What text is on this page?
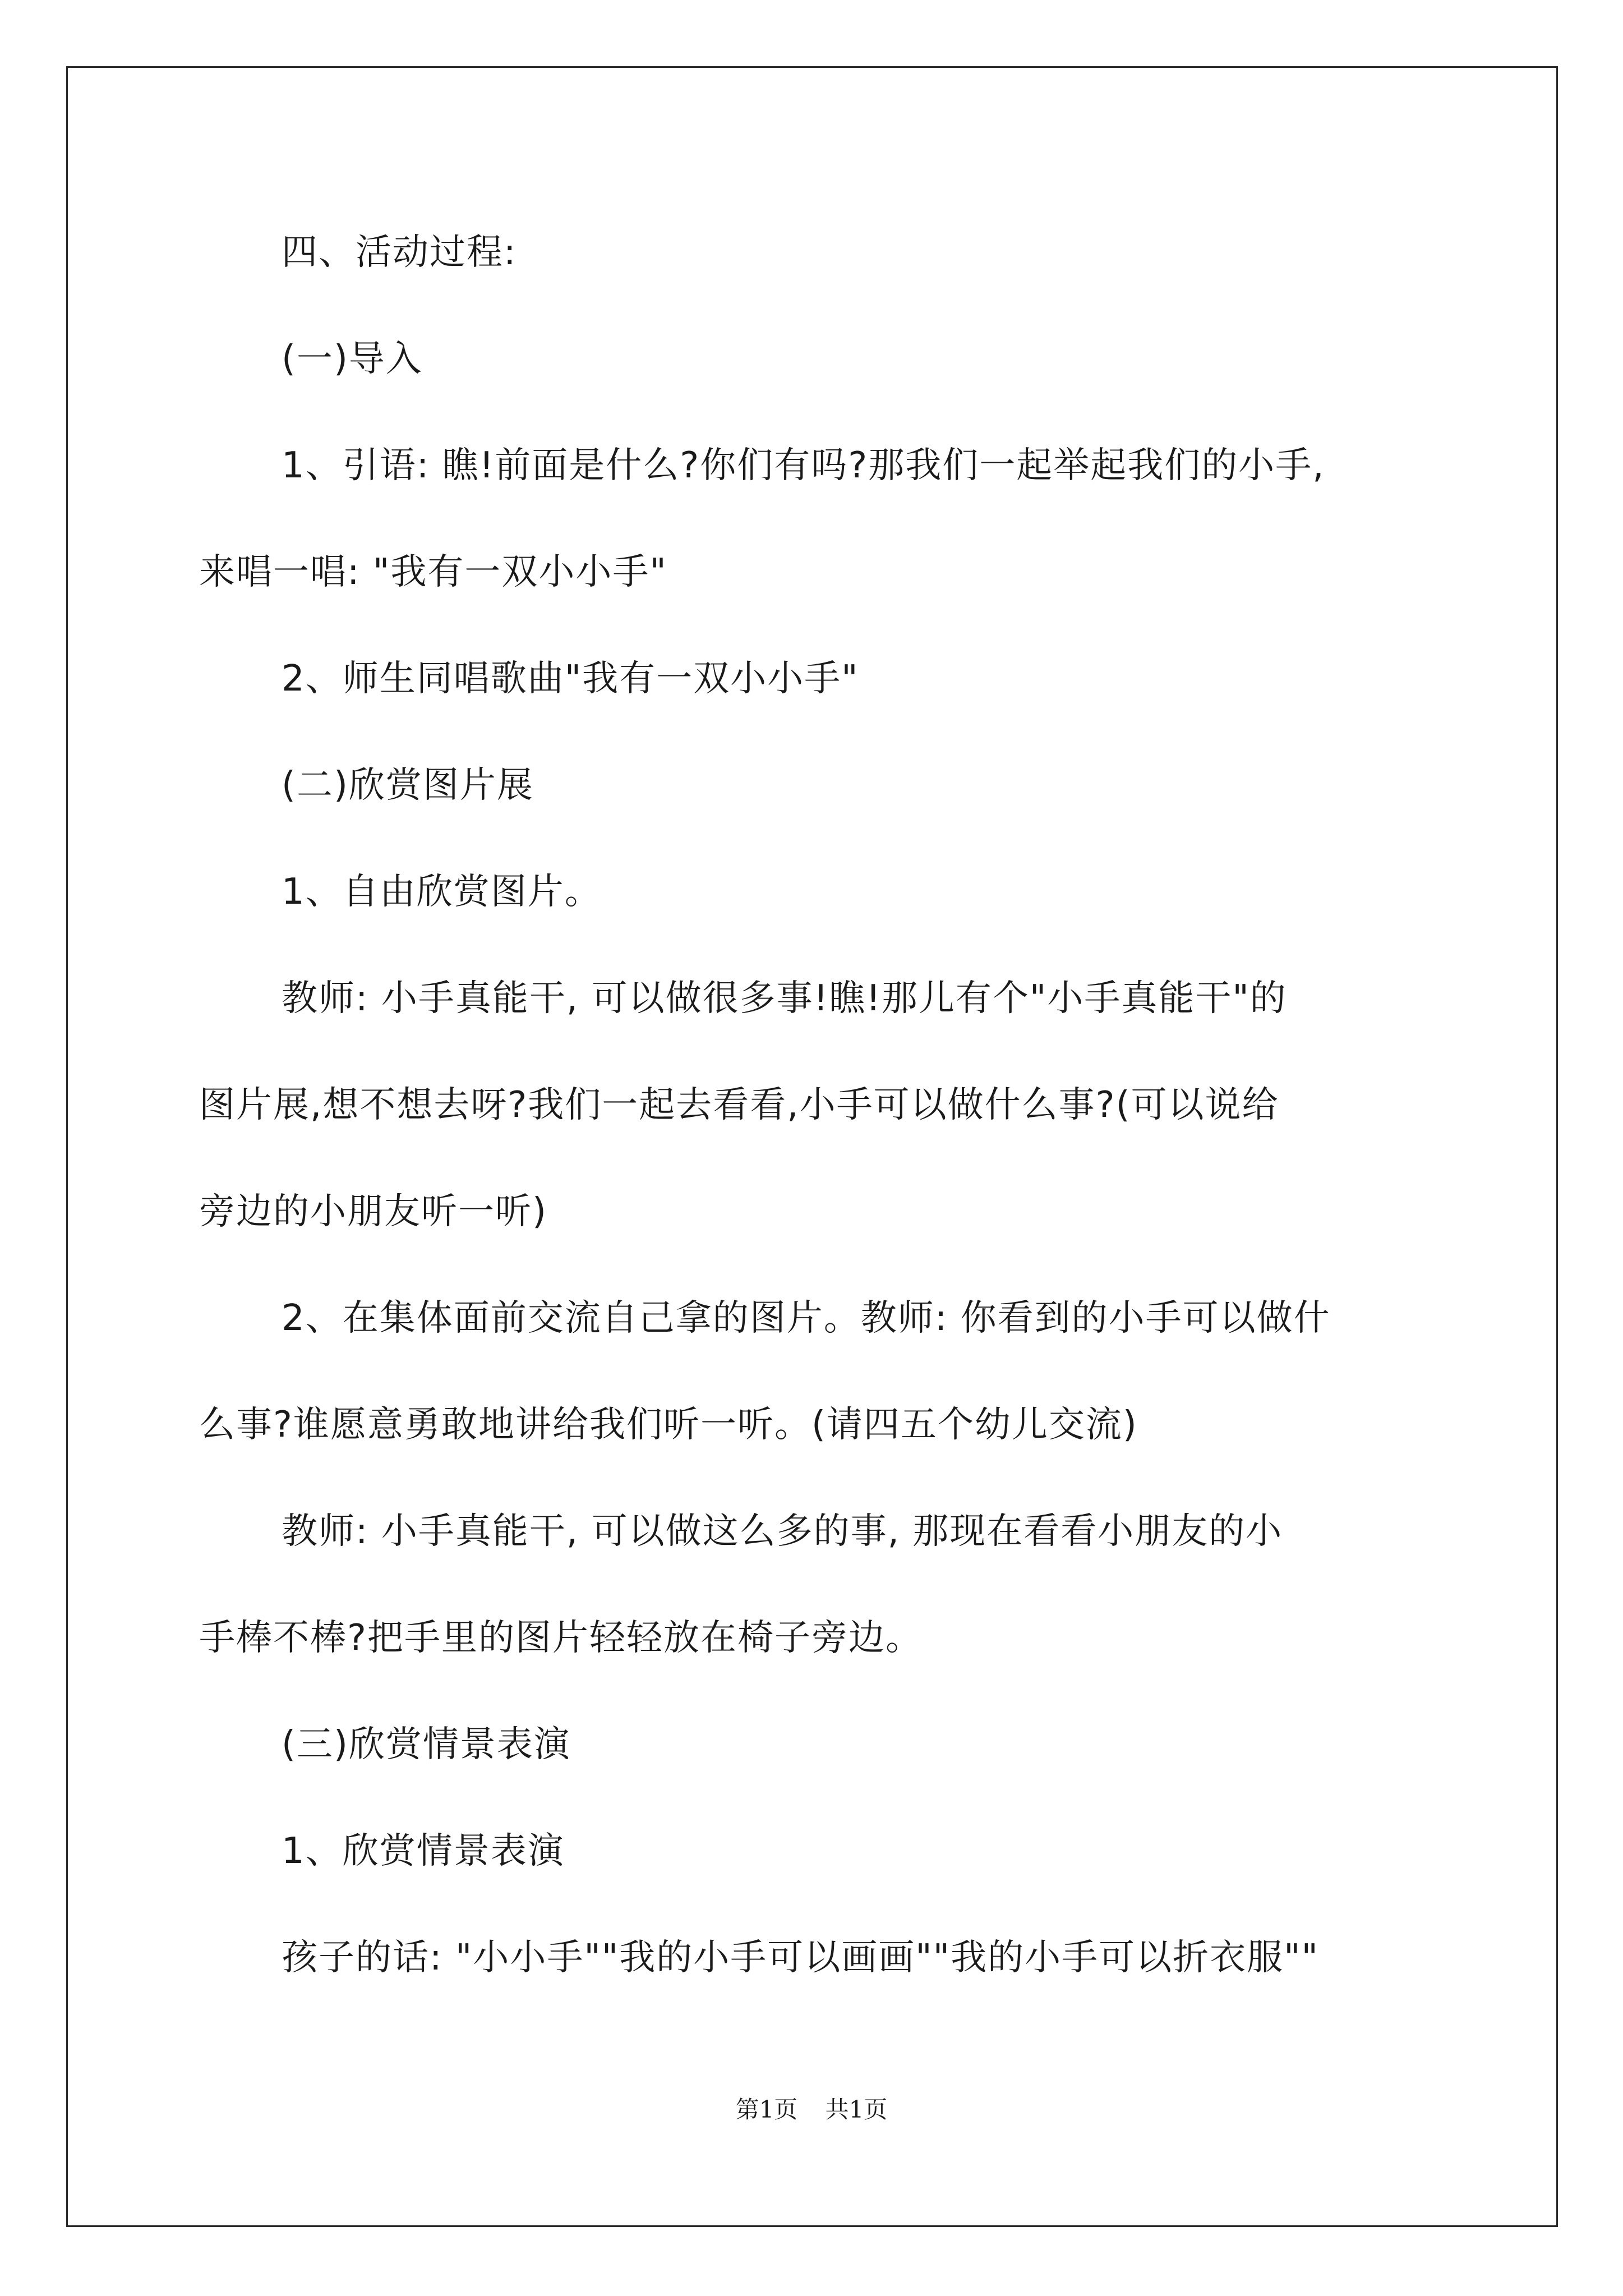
四、活动过程:
(一)导入
1、引语: 瞧!前面是什么?你们有吗?那我们一起举起我们的小手,
来唱一唱: "我有一双小小手"
2、师生同唱歌曲"我有一双小小手"
(二)欣赏图片展
1、自由欣赏图片。
教师: 小手真能干, 可以做很多事!瞧!那儿有个"小手真能干"的
图片展,想不想去呀?我们一起去看看,小手可以做什么事?(可以说给
旁边的小朋友听一听)
2、在集体面前交流自己拿的图片。教师: 你看到的小手可以做什
么事?谁愿意勇敢地讲给我们听一听。(请四五个幼儿交流)
教师: 小手真能干, 可以做这么多的事, 那现在看看小朋友的小
手棒不棒?把手里的图片轻轻放在椅子旁边。
(三)欣赏情景表演
1、欣赏情景表演
孩子的话: "小小手""我的小手可以画画""我的小手可以折衣服""
第1页 共1页
